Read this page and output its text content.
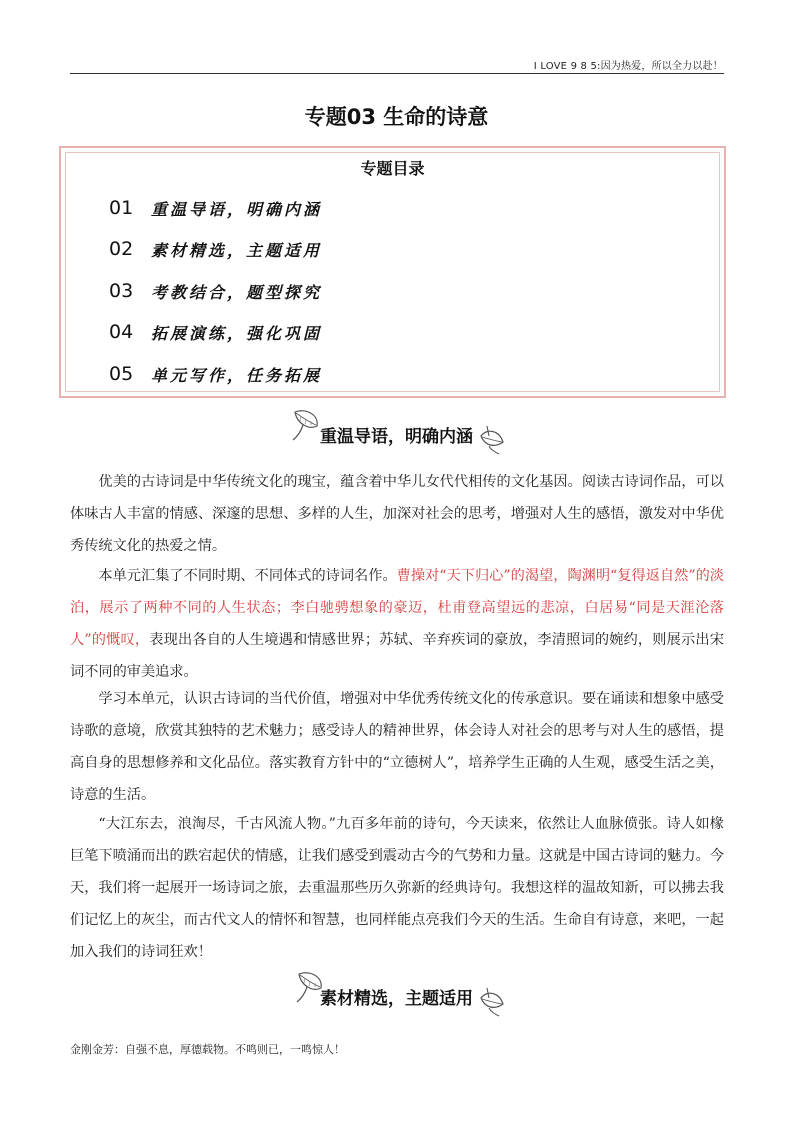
I LOVE 9 8 5:因为热爱，所以全力以赴！
专题03 生命的诗意
专题目录
01	重温导语，明确内涵
02	素材精选，主题适用
03	考教结合，题型探究
04	拓展演练，强化巩固
05	单元写作，任务拓展
重温导语，明确内涵

优美的古诗词是中华传统文化的瑰宝，蕴含着中华儿女代代相传的文化基因。阅读古诗词作品，可以体味古人丰富的情感、深邃的思想、多样的人生，加深对社会的思考，增强对人生的感悟，激发对中华优秀传统文化的热爱之情。

本单元汇集了不同时期、不同体式的诗词名作。曹操对“天下归心”的渴望，陶渊明“复得返自然”的淡泊，展示了两种不同的人生状态；李白驰骋想象的豪迈，杜甫登高望远的悲凉，白居易“同是天涯沦落人”的慨叹，表现出各自的人生境遇和情感世界；苏轼、辛弃疾词的豪放，李清照词的婉约，则展示出宋词不同的审美追求。

学习本单元，认识古诗词的当代价值，增强对中华优秀传统文化的传承意识。要在诵读和想象中感受诗歌的意境，欣赏其独特的艺术魅力；感受诗人的精神世界，体会诗人对社会的思考与对人生的感悟，提高自身的思想修养和文化品位。落实教育方针中的“立德树人”，培养学生正确的人生观，感受生活之美，诗意的生活。

“大江东去，浪淘尽，千古风流人物。”九百多年前的诗句，今天读来，依然让人血脉偾张。诗人如椽巨笔下喷涌而出的跌宕起伏的情感，让我们感受到震动古今的气势和力量。这就是中国古诗词的魅力。今天，我们将一起展开一场诗词之旅，去重温那些历久弥新的经典诗句。我想这样的温故知新，可以拂去我们记忆上的灰尘，而古代文人的情怀和智慧，也同样能点亮我们今天的生活。生命自有诗意，来吧，一起加入我们的诗词狂欢！

素材精选，主题适用
金刚金芳：自强不息，厚德载物。不鸣则已，一鸣惊人！
